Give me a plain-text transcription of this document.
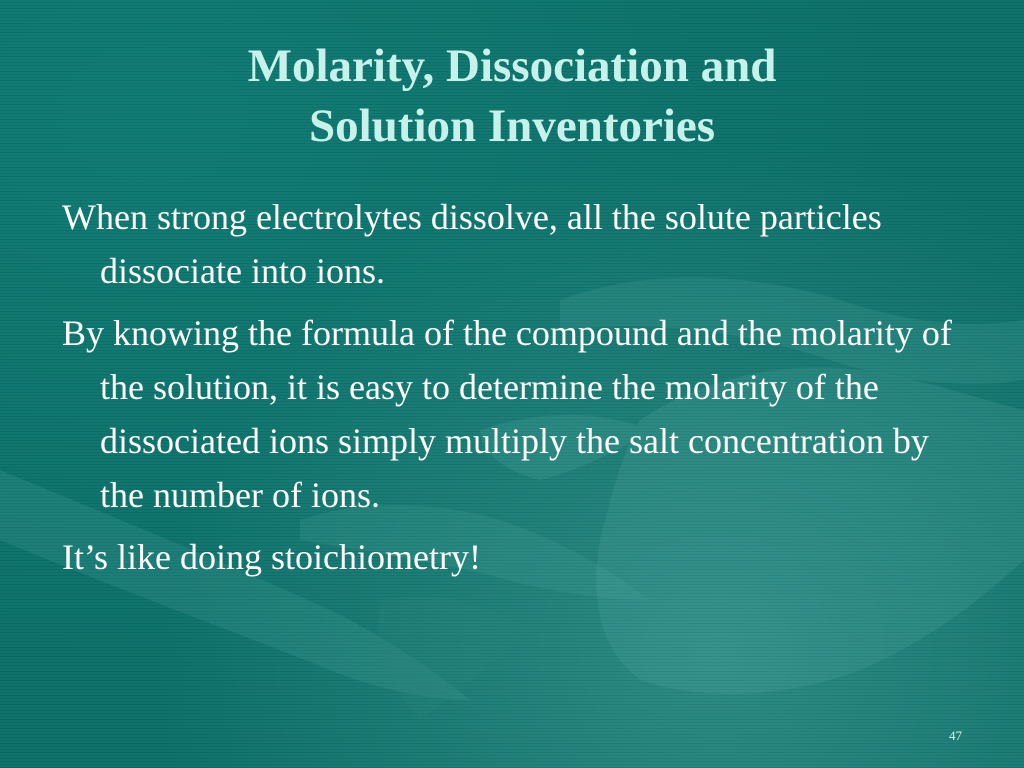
Molarity, Dissociation and
Solution Inventories
When strong electrolytes dissolve, all the solute particles dissociate into ions.
By knowing the formula of the compound and the molarity of the solution, it is easy to determine the molarity of the dissociated ions simply multiply the salt concentration by the number of ions.
It’s like doing stoichiometry!
47
